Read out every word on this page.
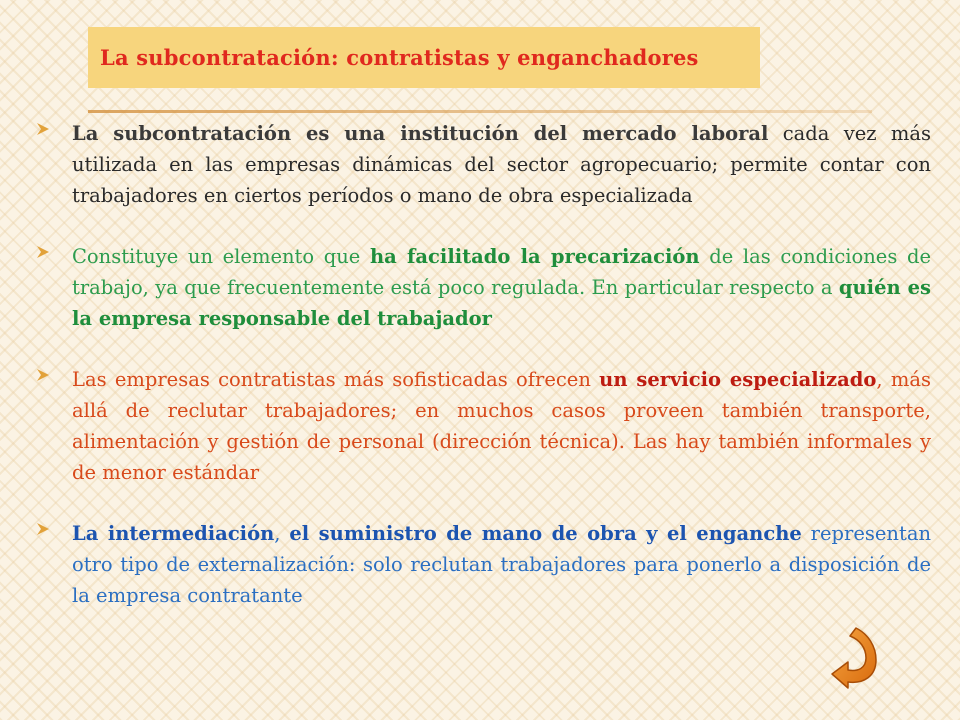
La subcontratación: contratistas y enganchadores
La subcontratación es una institución del mercado laboral cada vez más utilizada en las empresas dinámicas del sector agropecuario; permite contar con trabajadores en ciertos períodos o mano de obra especializada
Constituye un elemento que ha facilitado la precarización de las condiciones de trabajo, ya que frecuentemente está poco regulada. En particular respecto a quién es la empresa responsable del trabajador
Las empresas contratistas más sofisticadas ofrecen un servicio especializado, más allá de reclutar trabajadores; en muchos casos proveen también transporte, alimentación y gestión de personal (dirección técnica). Las hay también informales y de menor estándar
La intermediación, el suministro de mano de obra y el enganche representan otro tipo de externalización: solo reclutan trabajadores para ponerlo a disposición de la empresa contratante
